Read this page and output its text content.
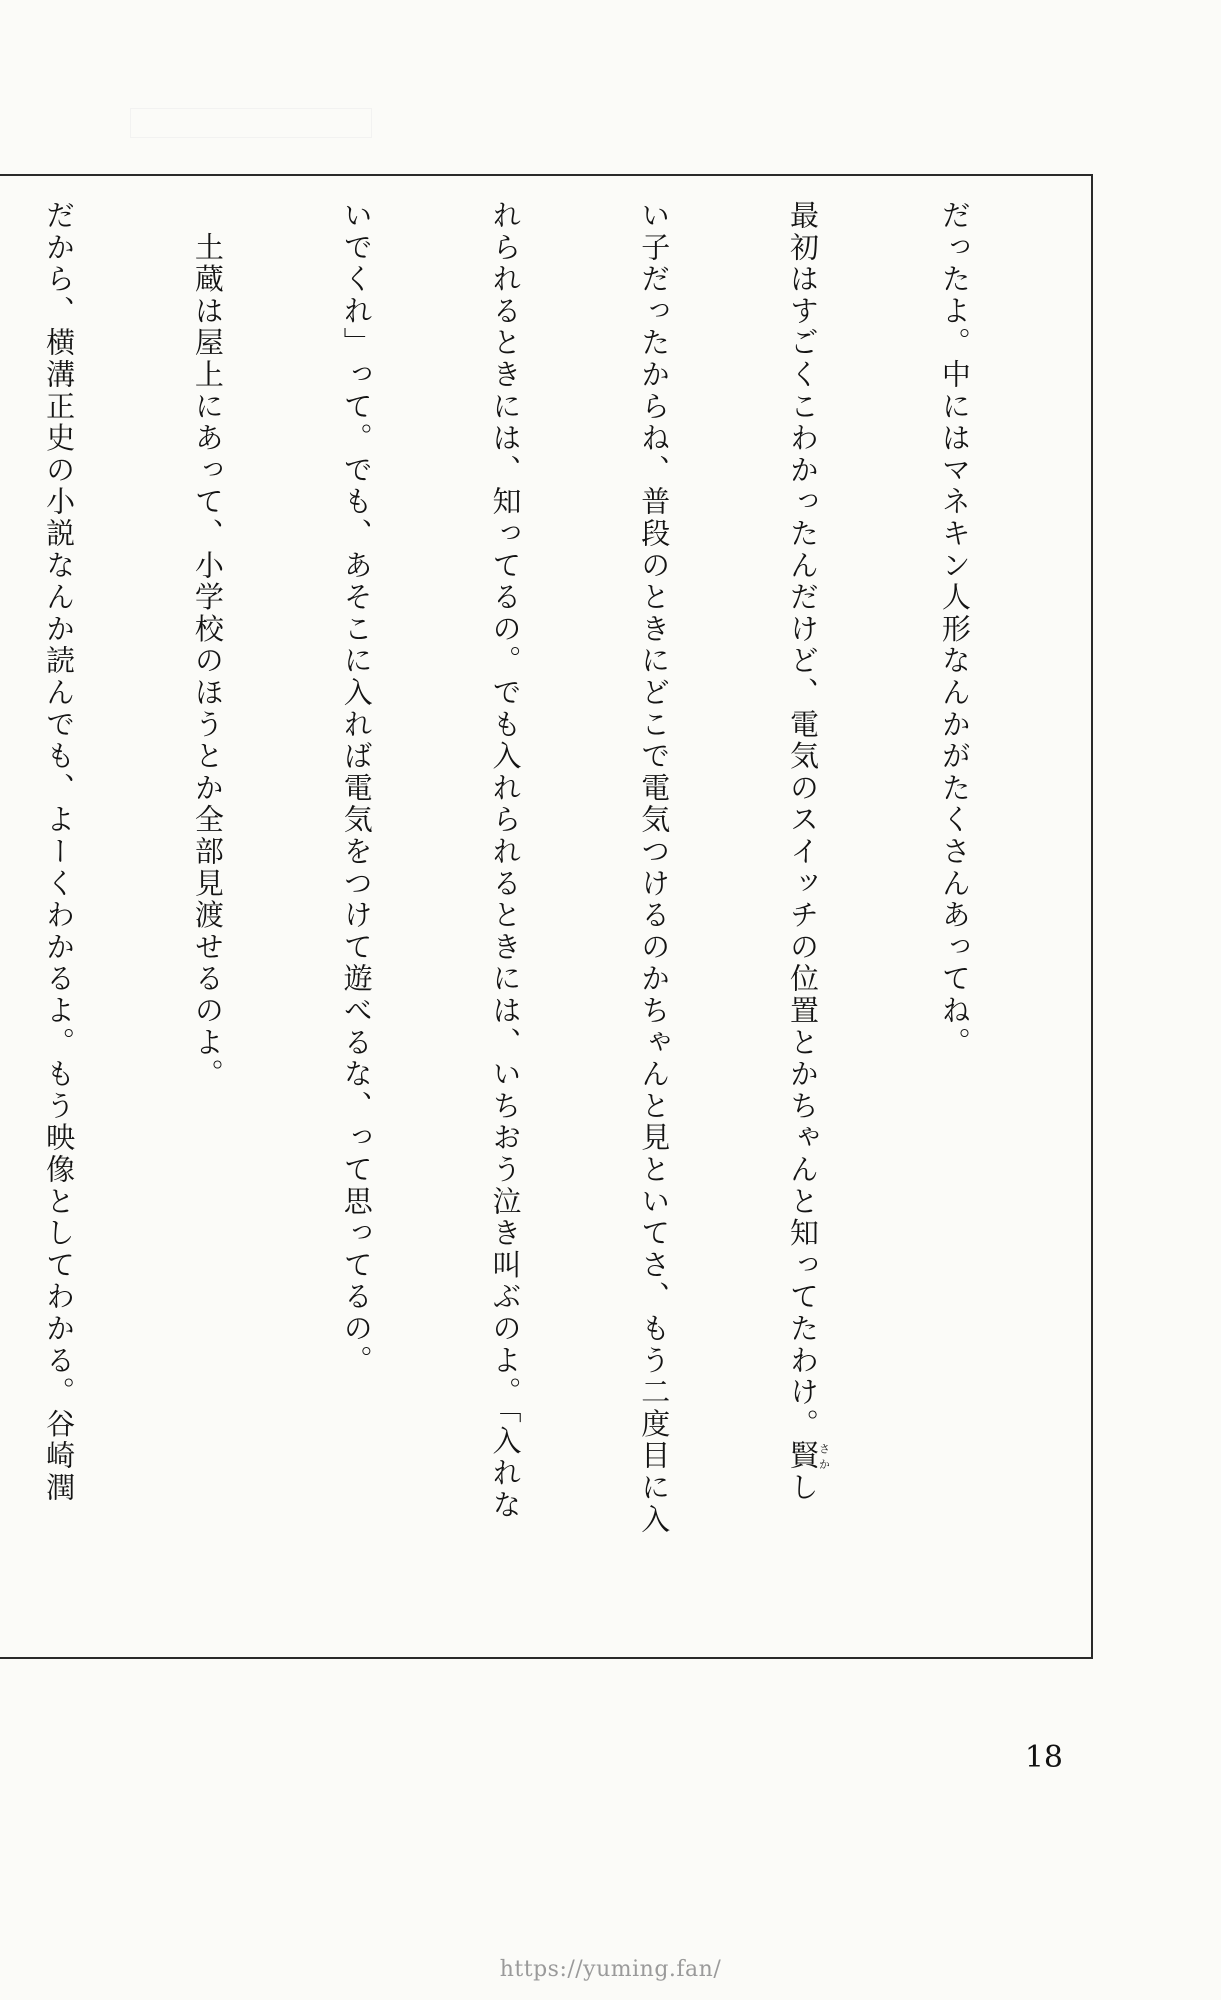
だったよ。中にはマネキン人形なんかがたくさんあってね。

最初はすごくこわかったんだけど、電気のスイッチの位置とかちゃんと知ってたわけ。賢さかし

い子だったからね、普段のときにどこで電気つけるのかちゃんと見といてさ、もう二度目に入

れられるときには、知ってるの。でも入れられるときには、いちおう泣き叫ぶのよ。「入れな

いでくれ」って。でも、あそこに入れば電気をつけて遊べるな、って思ってるの。

　土蔵は屋上にあって、小学校のほうとか全部見渡せるのよ。

だから、横溝正史の小説なんか読んでも、よーくわかるよ。もう映像としてわかる。谷崎潤

18
https://yuming.fan/
